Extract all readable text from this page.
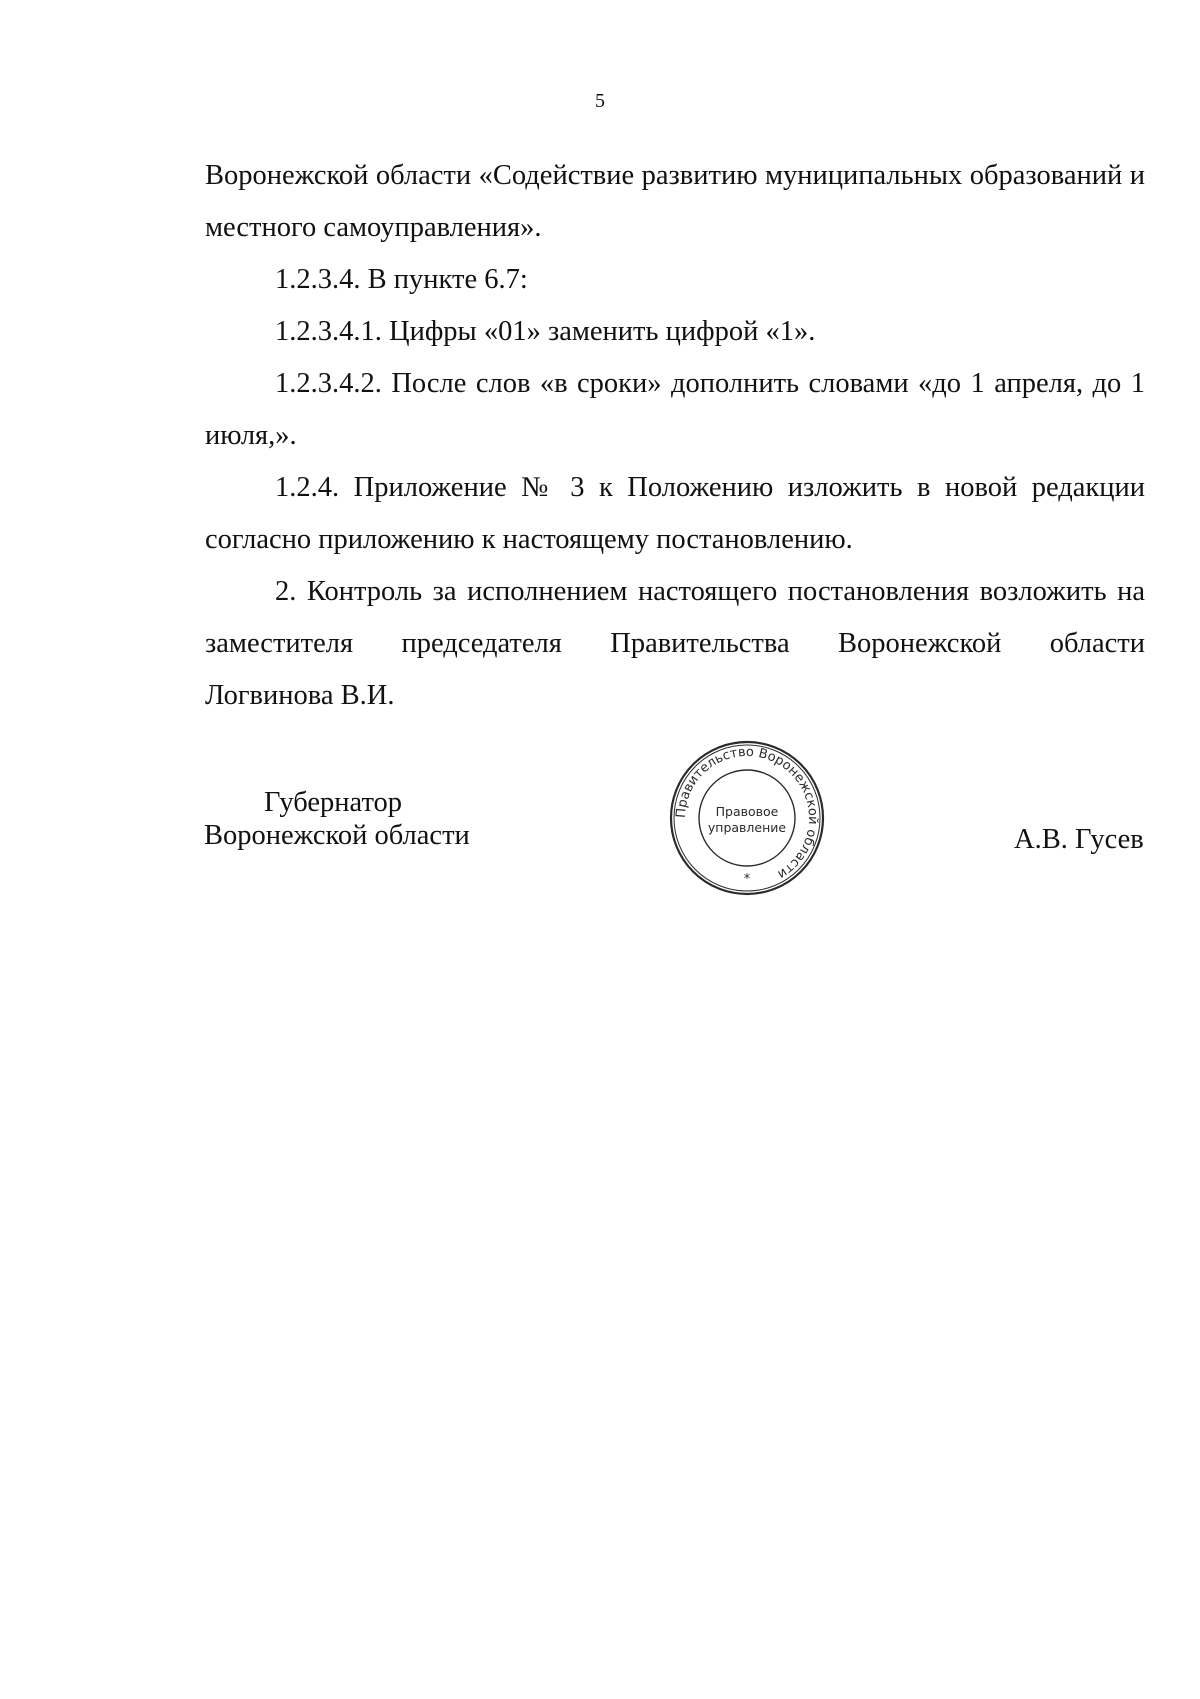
5

Воронежской области «Содействие развитию муниципальных образований и местного самоуправления».

1.2.3.4. В пункте 6.7:

1.2.3.4.1. Цифры «01» заменить цифрой «1».

1.2.3.4.2. После слов «в сроки» дополнить словами «до 1 апреля, до 1 июля,».

1.2.4. Приложение № 3 к Положению изложить в новой редакции согласно приложению к настоящему постановлению.

2. Контроль за исполнением настоящего постановления возложить на

заместителя председателя Правительства Воронежской области

Логвинова В.И.

Губернатор
Воронежской области
Правительство Воронежской области
Правовое
управление
*
А.В. Гусев
